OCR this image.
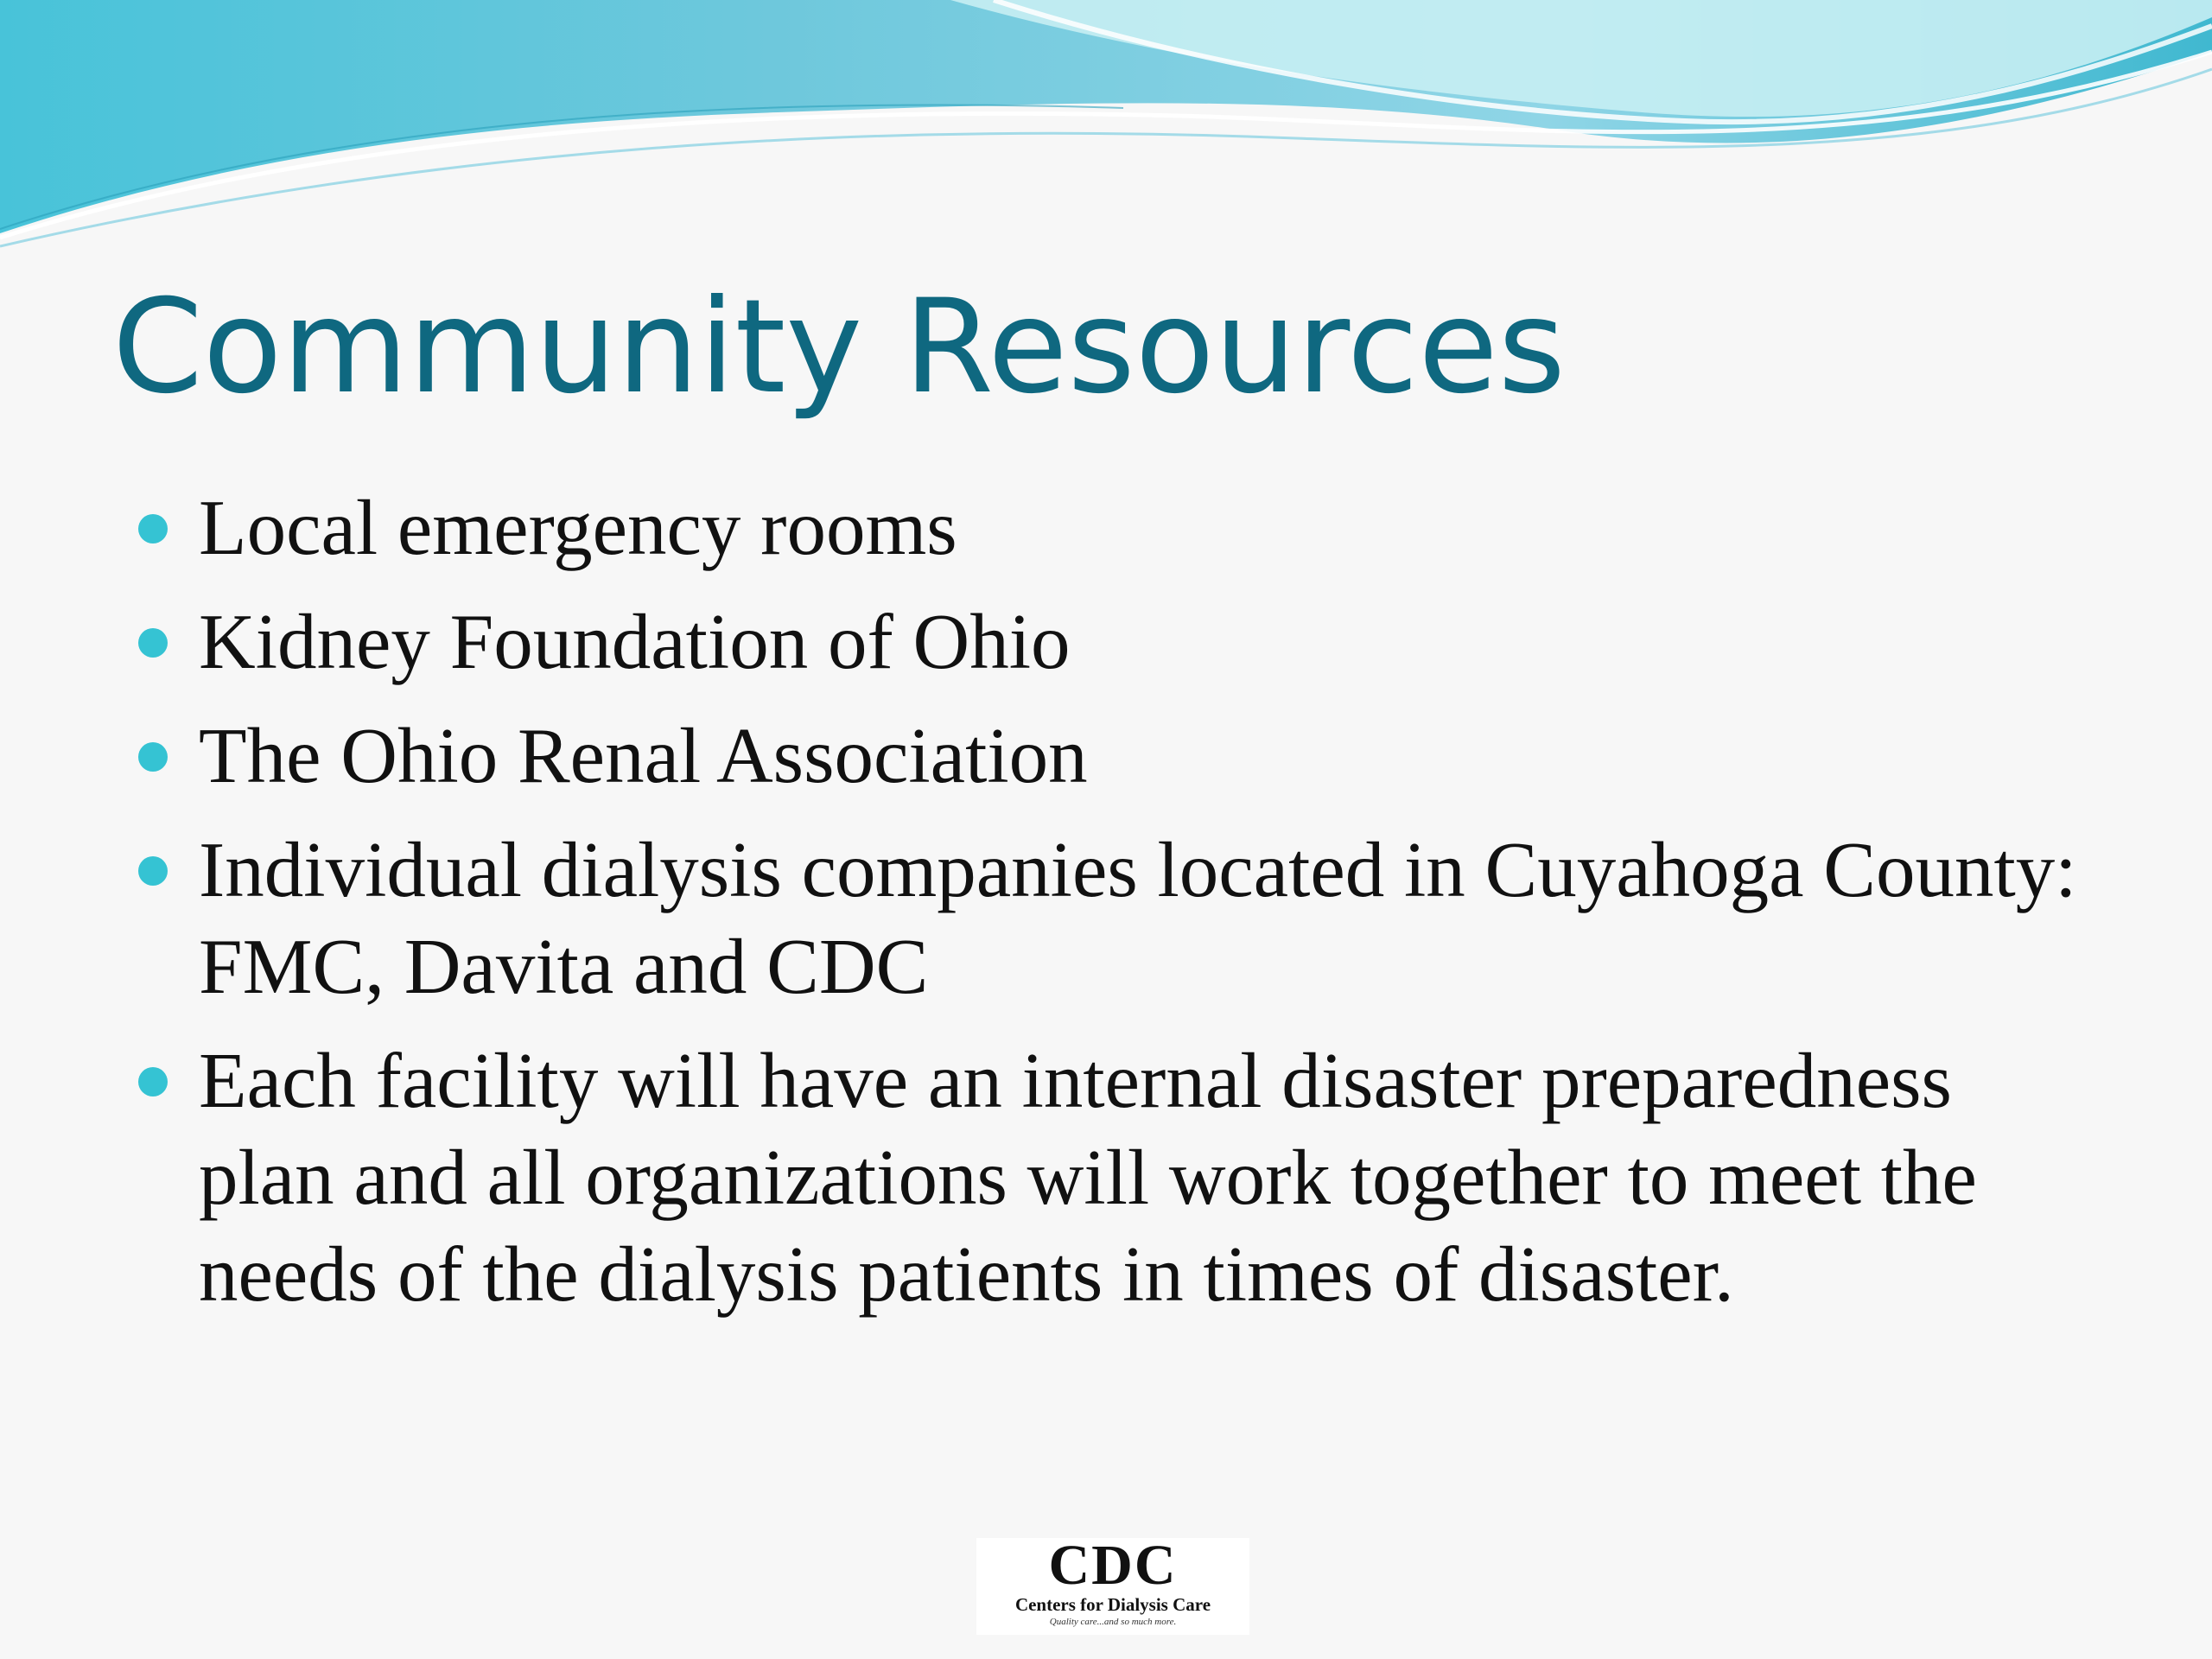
Community Resources
Local emergency rooms
Kidney Foundation of Ohio
The Ohio Renal Association
Individual dialysis companies located in Cuyahoga County: FMC, Davita and CDC
Each facility will have an internal disaster preparedness plan and all organizations will work together to meet the needs of the dialysis patients in times of disaster.
CDC
Centers for Dialysis Care
Quality care...and so much more.
